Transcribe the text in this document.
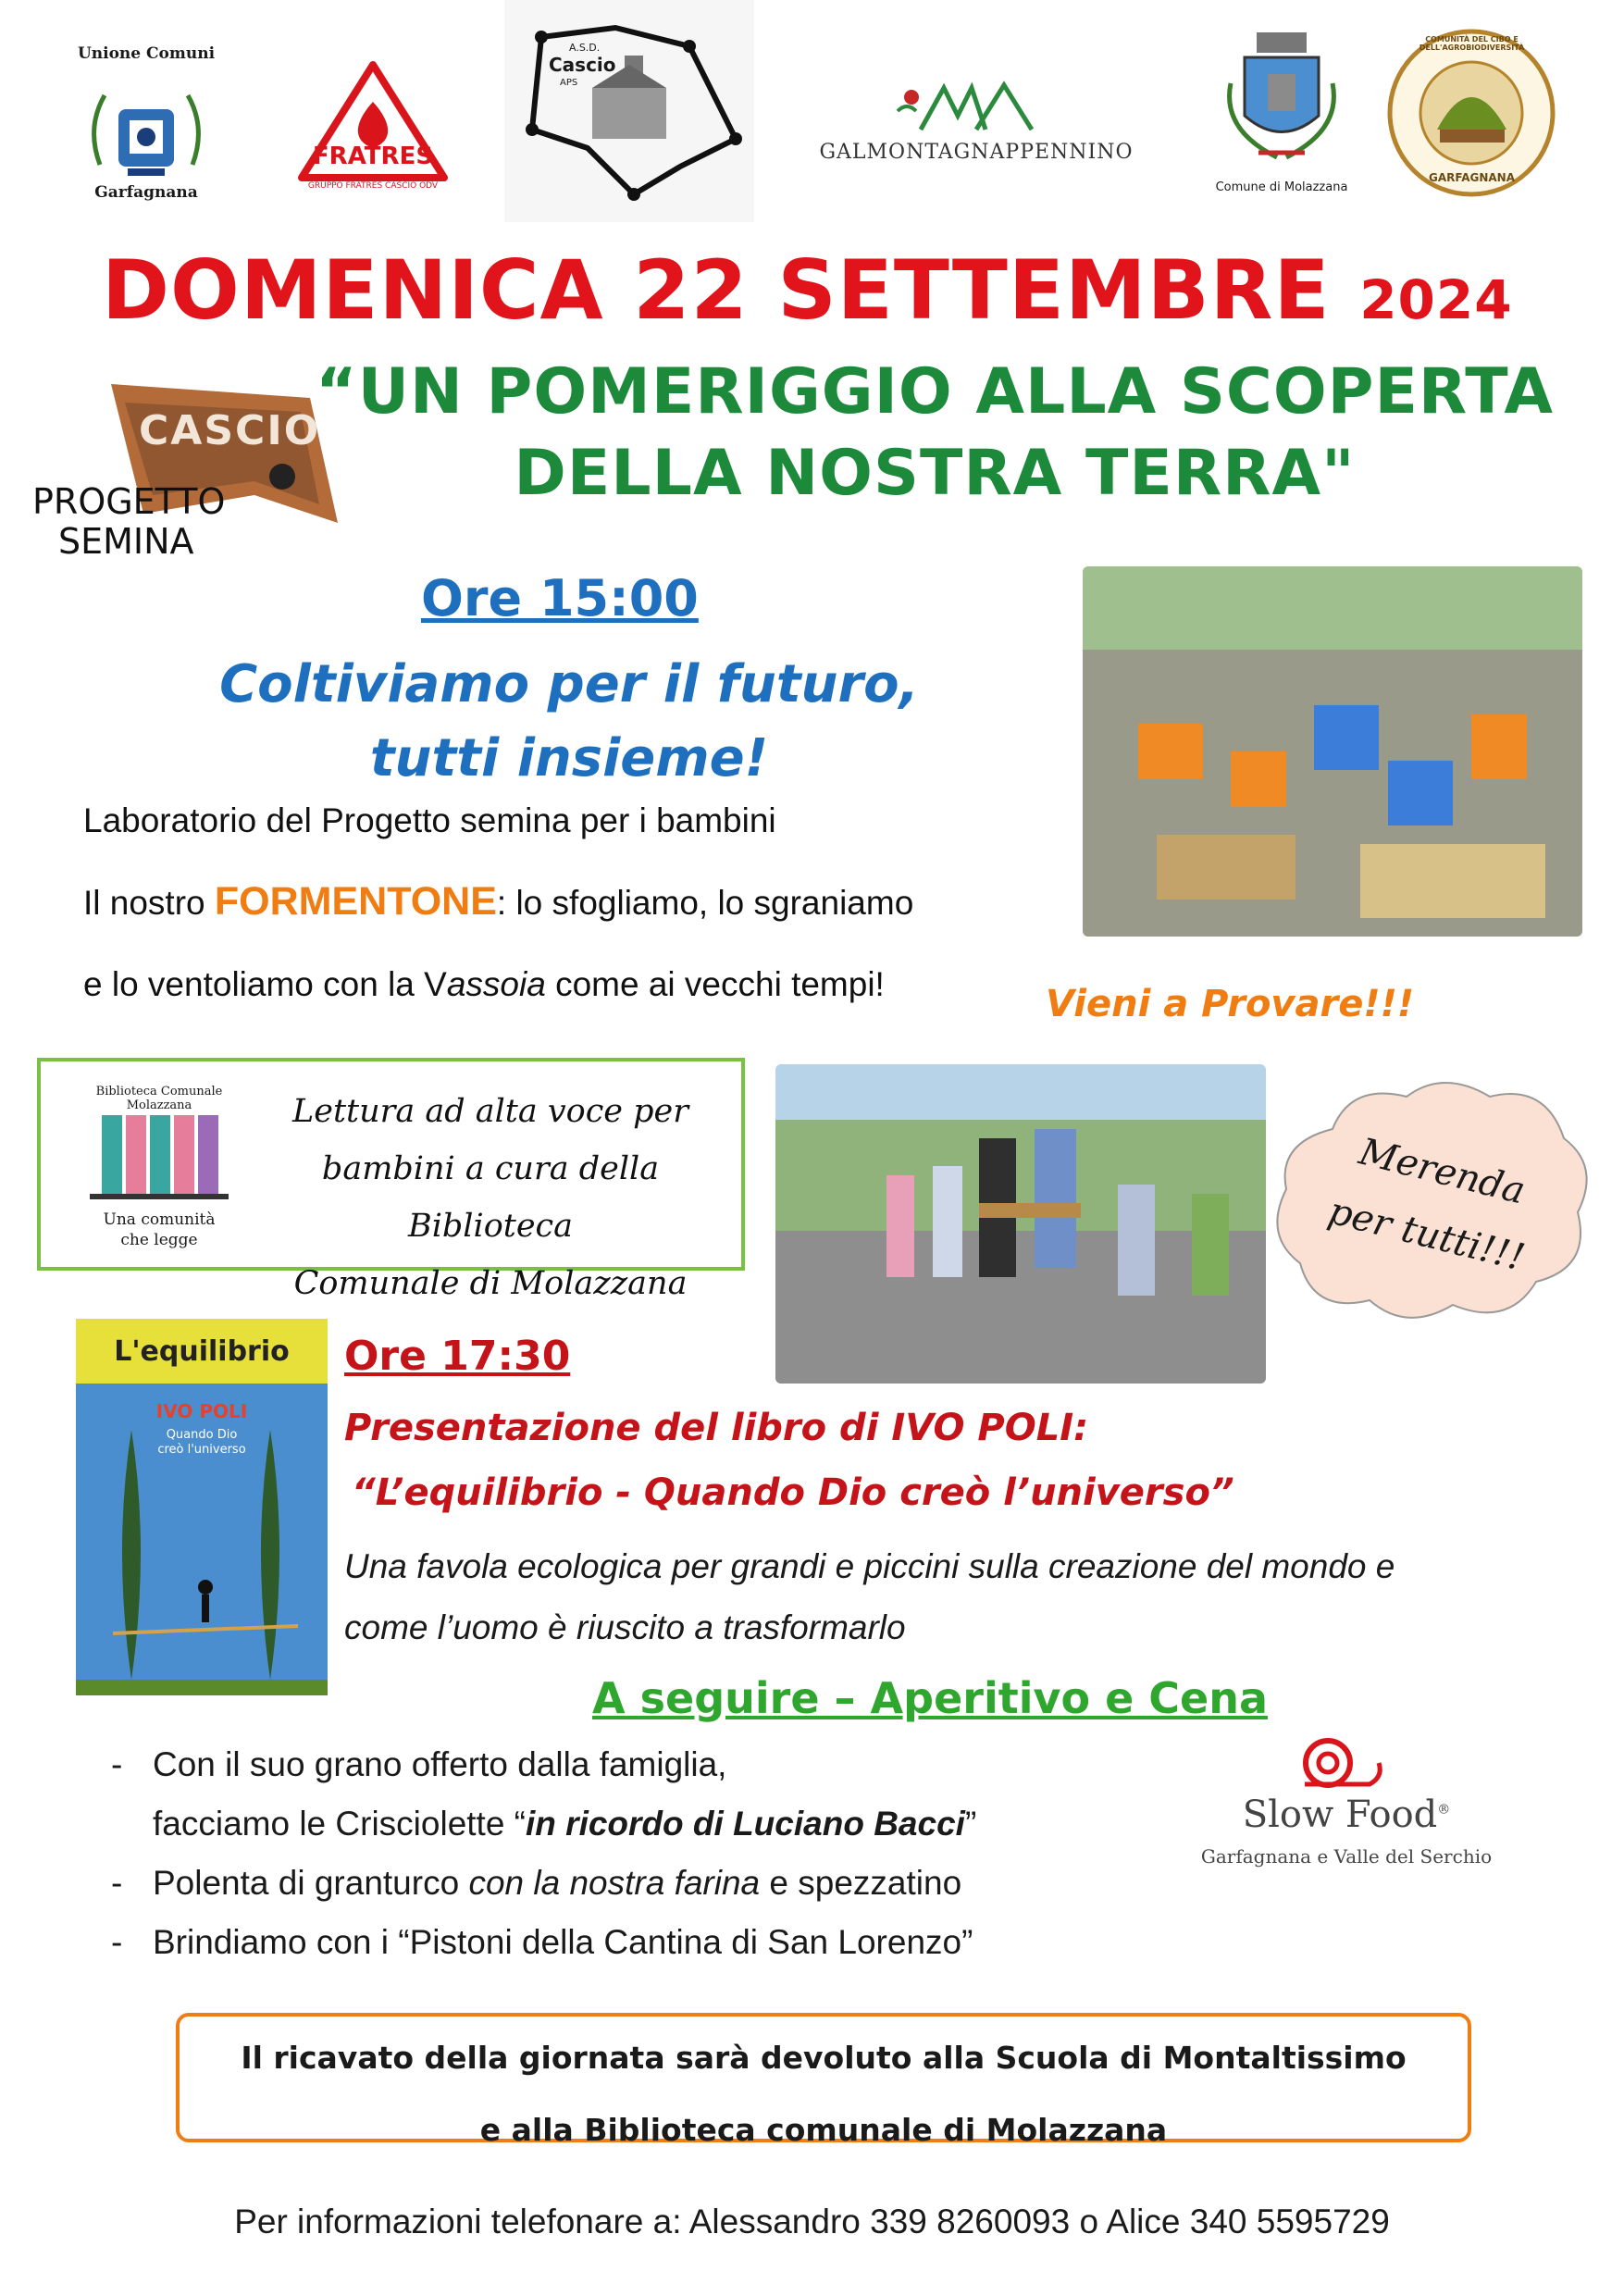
Unione Comuni
Garfagnana
FRATRES
GRUPPO FRATRES CASCIO ODV
A.S.D.
Cascio
APS
GALMONTAGNAPPENNINO
Comune di Molazzana
COMUNITÀ DEL CIBO E DELL'AGROBIODIVERSITÀ
GARFAGNANA
DOMENICA 22 SETTEMBRE 2024
CASCIO
PROGETTO
SEMINA
“UN POMERIGGIO ALLA SCOPERTA
DELLA NOSTRA TERRA"
Ore 15:00
Coltiviamo per il futuro,
tutti insieme!
Laboratorio del Progetto semina per i bambini
Il nostro FORMENTONE: lo sfogliamo, lo sgraniamo
e lo ventoliamo con la Vassoia come ai vecchi tempi!	Vieni a Provare!!!
Biblioteca Comunale Molazzana
Una comunità
che legge
Lettura ad alta voce per
bambini a cura della Biblioteca
Comunale di Molazzana
Merenda
per tutti!!!
L'equilibrio
IVO POLI
Quando Dio
creò l'universo
Ore 17:30
Presentazione del libro di IVO POLI:
“L’equilibrio - Quando Dio creò l’universo”
Una favola ecologica per grandi e piccini sulla creazione del mondo e
come l’uomo è riuscito a trasformarlo
A seguire – Aperitivo e Cena
- Con il suo grano offerto dalla famiglia,
facciamo le Crisciolette “in ricordo di Luciano Bacci”
- Polenta di granturco con la nostra farina e spezzatino
- Brindiamo con i “Pistoni della Cantina di San Lorenzo”
Slow Food®
Garfagnana e Valle del Serchio
Il ricavato della giornata sarà devoluto alla Scuola di Montaltissimo
e alla Biblioteca comunale di Molazzana
Per informazioni telefonare a: Alessandro 339 8260093 o Alice 340 5595729
